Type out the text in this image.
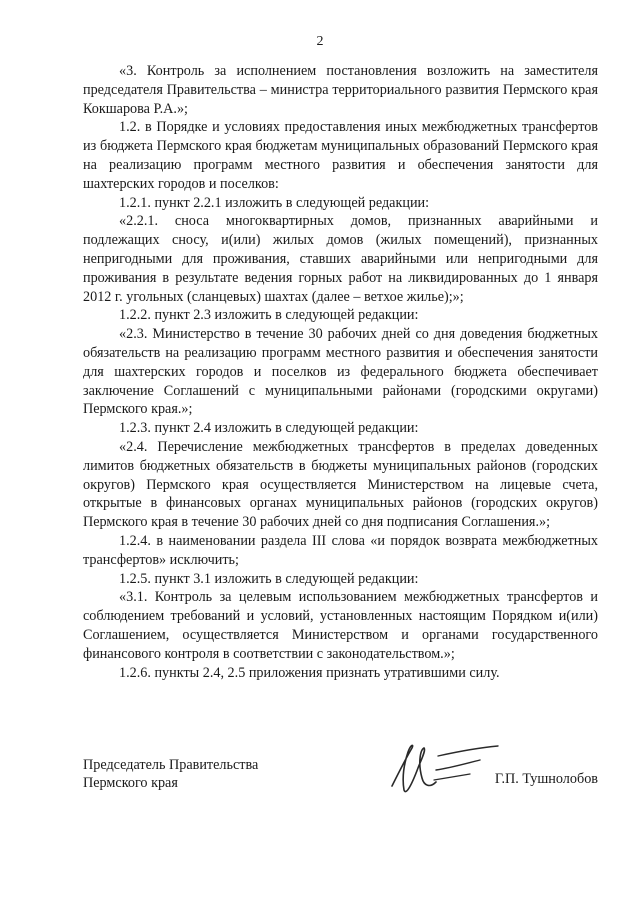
2

«3. Контроль за исполнением постановления возложить на заместителя председателя Правительства – министра территориального развития Пермского края Кокшарова Р.А.»;

1.2. в Порядке и условиях предоставления иных межбюджетных трансфертов из бюджета Пермского края бюджетам муниципальных образований Пермского края на реализацию программ местного развития и обеспечения занятости для шахтерских городов и поселков:

1.2.1. пункт 2.2.1 изложить в следующей редакции:

«2.2.1. сноса многоквартирных домов, признанных аварийными и подлежащих сносу, и(или) жилых домов (жилых помещений), признанных непригодными для проживания, ставших аварийными или непригодными для проживания в результате ведения горных работ на ликвидированных до 1 января 2012 г. угольных (сланцевых) шахтах (далее – ветхое жилье);»;

1.2.2. пункт 2.3 изложить в следующей редакции:

«2.3. Министерство в течение 30 рабочих дней со дня доведения бюджетных обязательств на реализацию программ местного развития и обеспечения занятости для шахтерских городов и поселков из федерального бюджета обеспечивает заключение Соглашений с муниципальными районами (городскими округами) Пермского края.»;

1.2.3. пункт 2.4 изложить в следующей редакции:

«2.4. Перечисление межбюджетных трансфертов в пределах доведенных лимитов бюджетных обязательств в бюджеты муниципальных районов (городских округов) Пермского края осуществляется Министерством на лицевые счета, открытые в финансовых органах муниципальных районов (городских округов) Пермского края в течение 30 рабочих дней со дня подписания Соглашения.»;

1.2.4. в наименовании раздела III слова «и порядок возврата межбюджетных трансфертов» исключить;

1.2.5. пункт 3.1 изложить в следующей редакции:

«3.1. Контроль за целевым использованием межбюджетных трансфертов и соблюдением требований и условий, установленных настоящим Порядком и(или) Соглашением, осуществляется Министерством и органами государственного финансового контроля в соответствии с законодательством.»;

1.2.6. пункты 2.4, 2.5 приложения признать утратившими силу.

Председатель Правительства
Пермского края	Г.П. Тушнолобов
